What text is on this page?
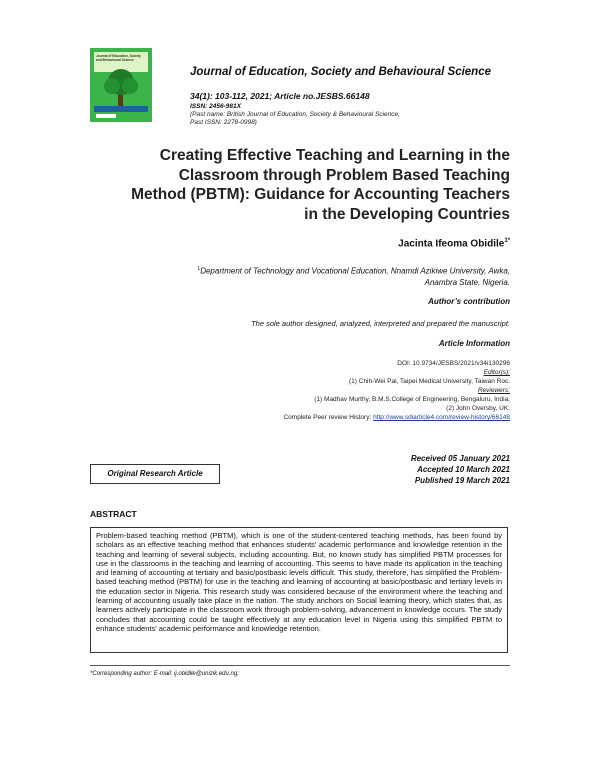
Journal of Education, Society and Behavioural Science
Journal of Education, Society and Behavioural Science
34(1): 103-112, 2021; Article no.JESBS.66148
ISSN: 2456-981X
(Past name: British Journal of Education, Society & Behavioural Science,
Past ISSN: 2278-0998)
Creating Effective Teaching and Learning in the
Classroom through Problem Based Teaching
Method (PBTM): Guidance for Accounting Teachers
in the Developing Countries
Jacinta Ifeoma Obidile$^{1*}$
$^1$Department of Technology and Vocational Education, Nnamdi Azikiwe University, Awka,
Anambra State, Nigeria.
Author’s contribution
The sole author designed, analyzed, interpreted and prepared the manuscript.
Article Information
DOI: 10.9734/JESBS/2021/v34i130296
Editor(s):
(1) Chih-Wei Pai, Taipei Medical University, Taiwan Roc.
Reviewers:
(1) Madhav Murthy, B.M.S.College of Engineering, Bengaluru, India.
(2) John Oversby, UK.
Complete Peer review History: http://www.sdiarticle4.com/review-history/66148
Original Research Article
Received 05 January 2021
Accepted 10 March 2021
Published 19 March 2021
ABSTRACT
Problem-based teaching method (PBTM), which is one of the student-centered teaching methods, has been found by scholars as an effective teaching method that enhances students' academic performance and knowledge retention in the teaching and learning of several subjects, including accounting. But, no known study has simplified PBTM processes for use in the classrooms in the teaching and learning of accounting. This seems to have made its application in the teaching and learning of accounting at tertiary and basic/postbasic levels difficult. This study, therefore, has simplified the Problem-based teaching method (PBTM) for use in the teaching and learning of accounting at basic/postbasic and tertiary levels in the education sector in Nigeria. This research study was considered because of the environment where the teaching and learning of accounting usually take place in the nation. The study anchors on Social learning theory, which states that, as learners actively participate in the classroom work through problem-solving, advancement in knowledge occurs. The study concludes that accounting could be taught effectively at any education level in Nigeria using this simplified PBTM to enhance students' academic performance and knowledge retention.
*Corresponding author: E-mail: ij.obidile@unizik.edu.ng;
